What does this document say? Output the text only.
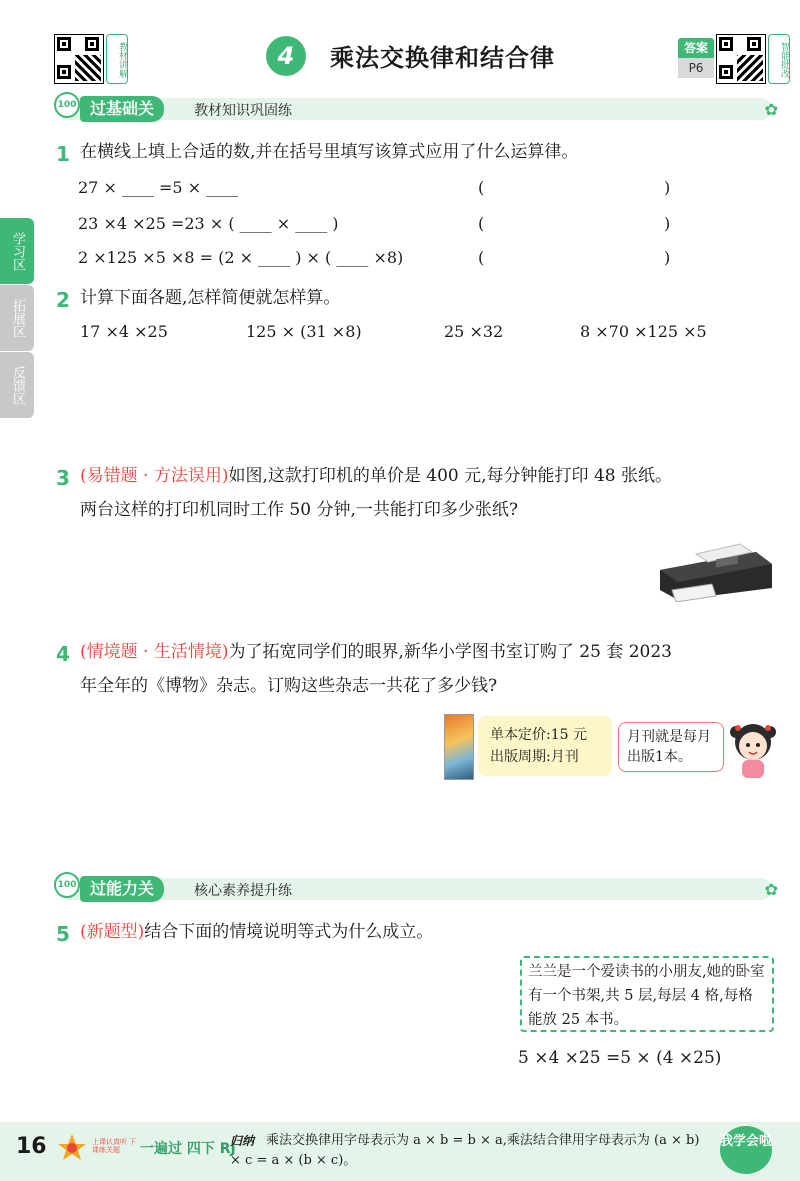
教材讲解	4	乘法交换律和结合律	答案
P6	智能批改
100 过基础关	教材知识巩固练	✿
学习区
拓展区
反馈区
1 在横线上填上合适的数,并在括号里填写该算式应用了什么运算律。
27 × ____ =5 × ____	(	)
23 ×4 ×25 =23 × ( ____ × ____ )	(	)
2 ×125 ×5 ×8 = (2 × ____ ) × ( ____ ×8)	(	)
2 计算下面各题,怎样简便就怎样算。
17 ×4 ×25	125 × (31 ×8)	25 ×32	8 ×70 ×125 ×5
3 (易错题 · 方法误用)如图,这款打印机的单价是 400 元,每分钟能打印 48 张纸。
两台这样的打印机同时工作 50 分钟,一共能打印多少张纸?
4 (情境题 · 生活情境)为了拓宽同学们的眼界,新华小学图书室订购了 25 套 2023
年全年的《博物》杂志。订购这些杂志一共花了多少钱?
单本定价:15 元
出版周期:月刊
月刊就是每月出版1本。
100 过能力关	核心素养提升练	✿
5 (新题型)结合下面的情境说明等式为什么成立。
兰兰是一个爱读书的小朋友,她的卧室有一个书架,共 5 层,每层 4 格,每格能放 25 本书。
5 ×4 ×25 =5 × (4 ×25)
16	上课认真听 下课练关题	一遍过 四下 RJ
归纳 乘法交换律用字母表示为 a × b = b × a,乘法结合律用字母表示为 (a × b) × c = a × (b × c)。
我学会啦
